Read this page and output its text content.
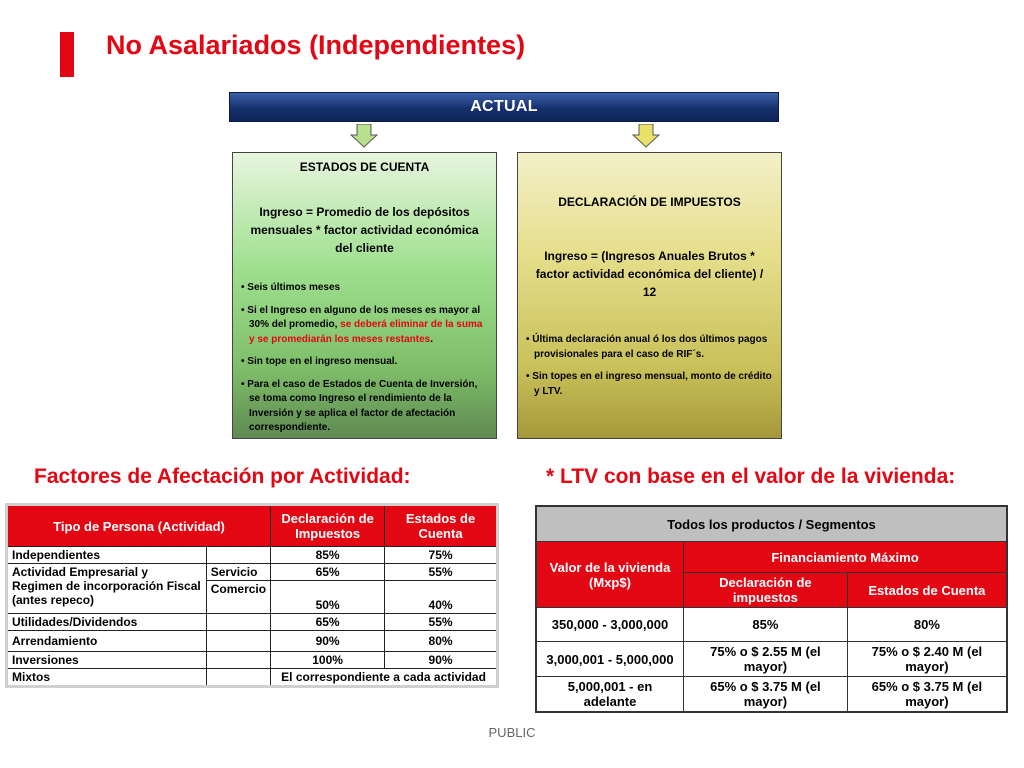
No Asalariados (Independientes)
ACTUAL
ESTADOS DE CUENTA
Ingreso = Promedio de los depósitos mensuales * factor actividad económica del cliente

• Seis últimos meses

• Si el Ingreso en alguno de los meses es mayor al 30% del promedio, se deberá eliminar de la suma y se promediarán los meses restantes.

• Sin tope en el ingreso mensual.

• Para el caso de Estados de Cuenta de Inversión, se toma como Ingreso el rendimiento de la Inversión y se aplica el factor de afectación correspondiente.

DECLARACIÓN DE IMPUESTOS
Ingreso = (Ingresos Anuales Brutos * factor actividad económica del cliente) / 12

• Última declaración anual ó los dos últimos pagos provisionales para el caso de RIF´s.

• Sin topes en el ingreso mensual, monto de crédito y LTV.

Factores de Afectación por Actividad:	* LTV con base en el valor de la vivienda:
Tipo de Persona (Actividad)		Declaración de Impuestos	Estados de Cuenta
Independientes		85%	75%
Actividad Empresarial y Regimen de incorporación Fiscal (antes repeco)	Servicio	65%	55%
	Comercio	50%	40%
Utilidades/Dividendos		65%	55%
Arrendamiento		90%	80%
Inversiones		100%	90%
Mixtos		El correspondiente a cada actividad	
Todos los productos / Segmentos		
Valor de la vivienda (Mxp$)	Financiamiento Máximo	
	Declaración de impuestos	Estados de Cuenta
350,000 - 3,000,000	85%	80%
3,000,001 - 5,000,000	75% o $ 2.55 M (el mayor)	75% o $ 2.40 M (el mayor)
5,000,001 - en adelante	65% o $ 3.75 M (el mayor)	65% o $ 3.75 M (el mayor)
PUBLIC
